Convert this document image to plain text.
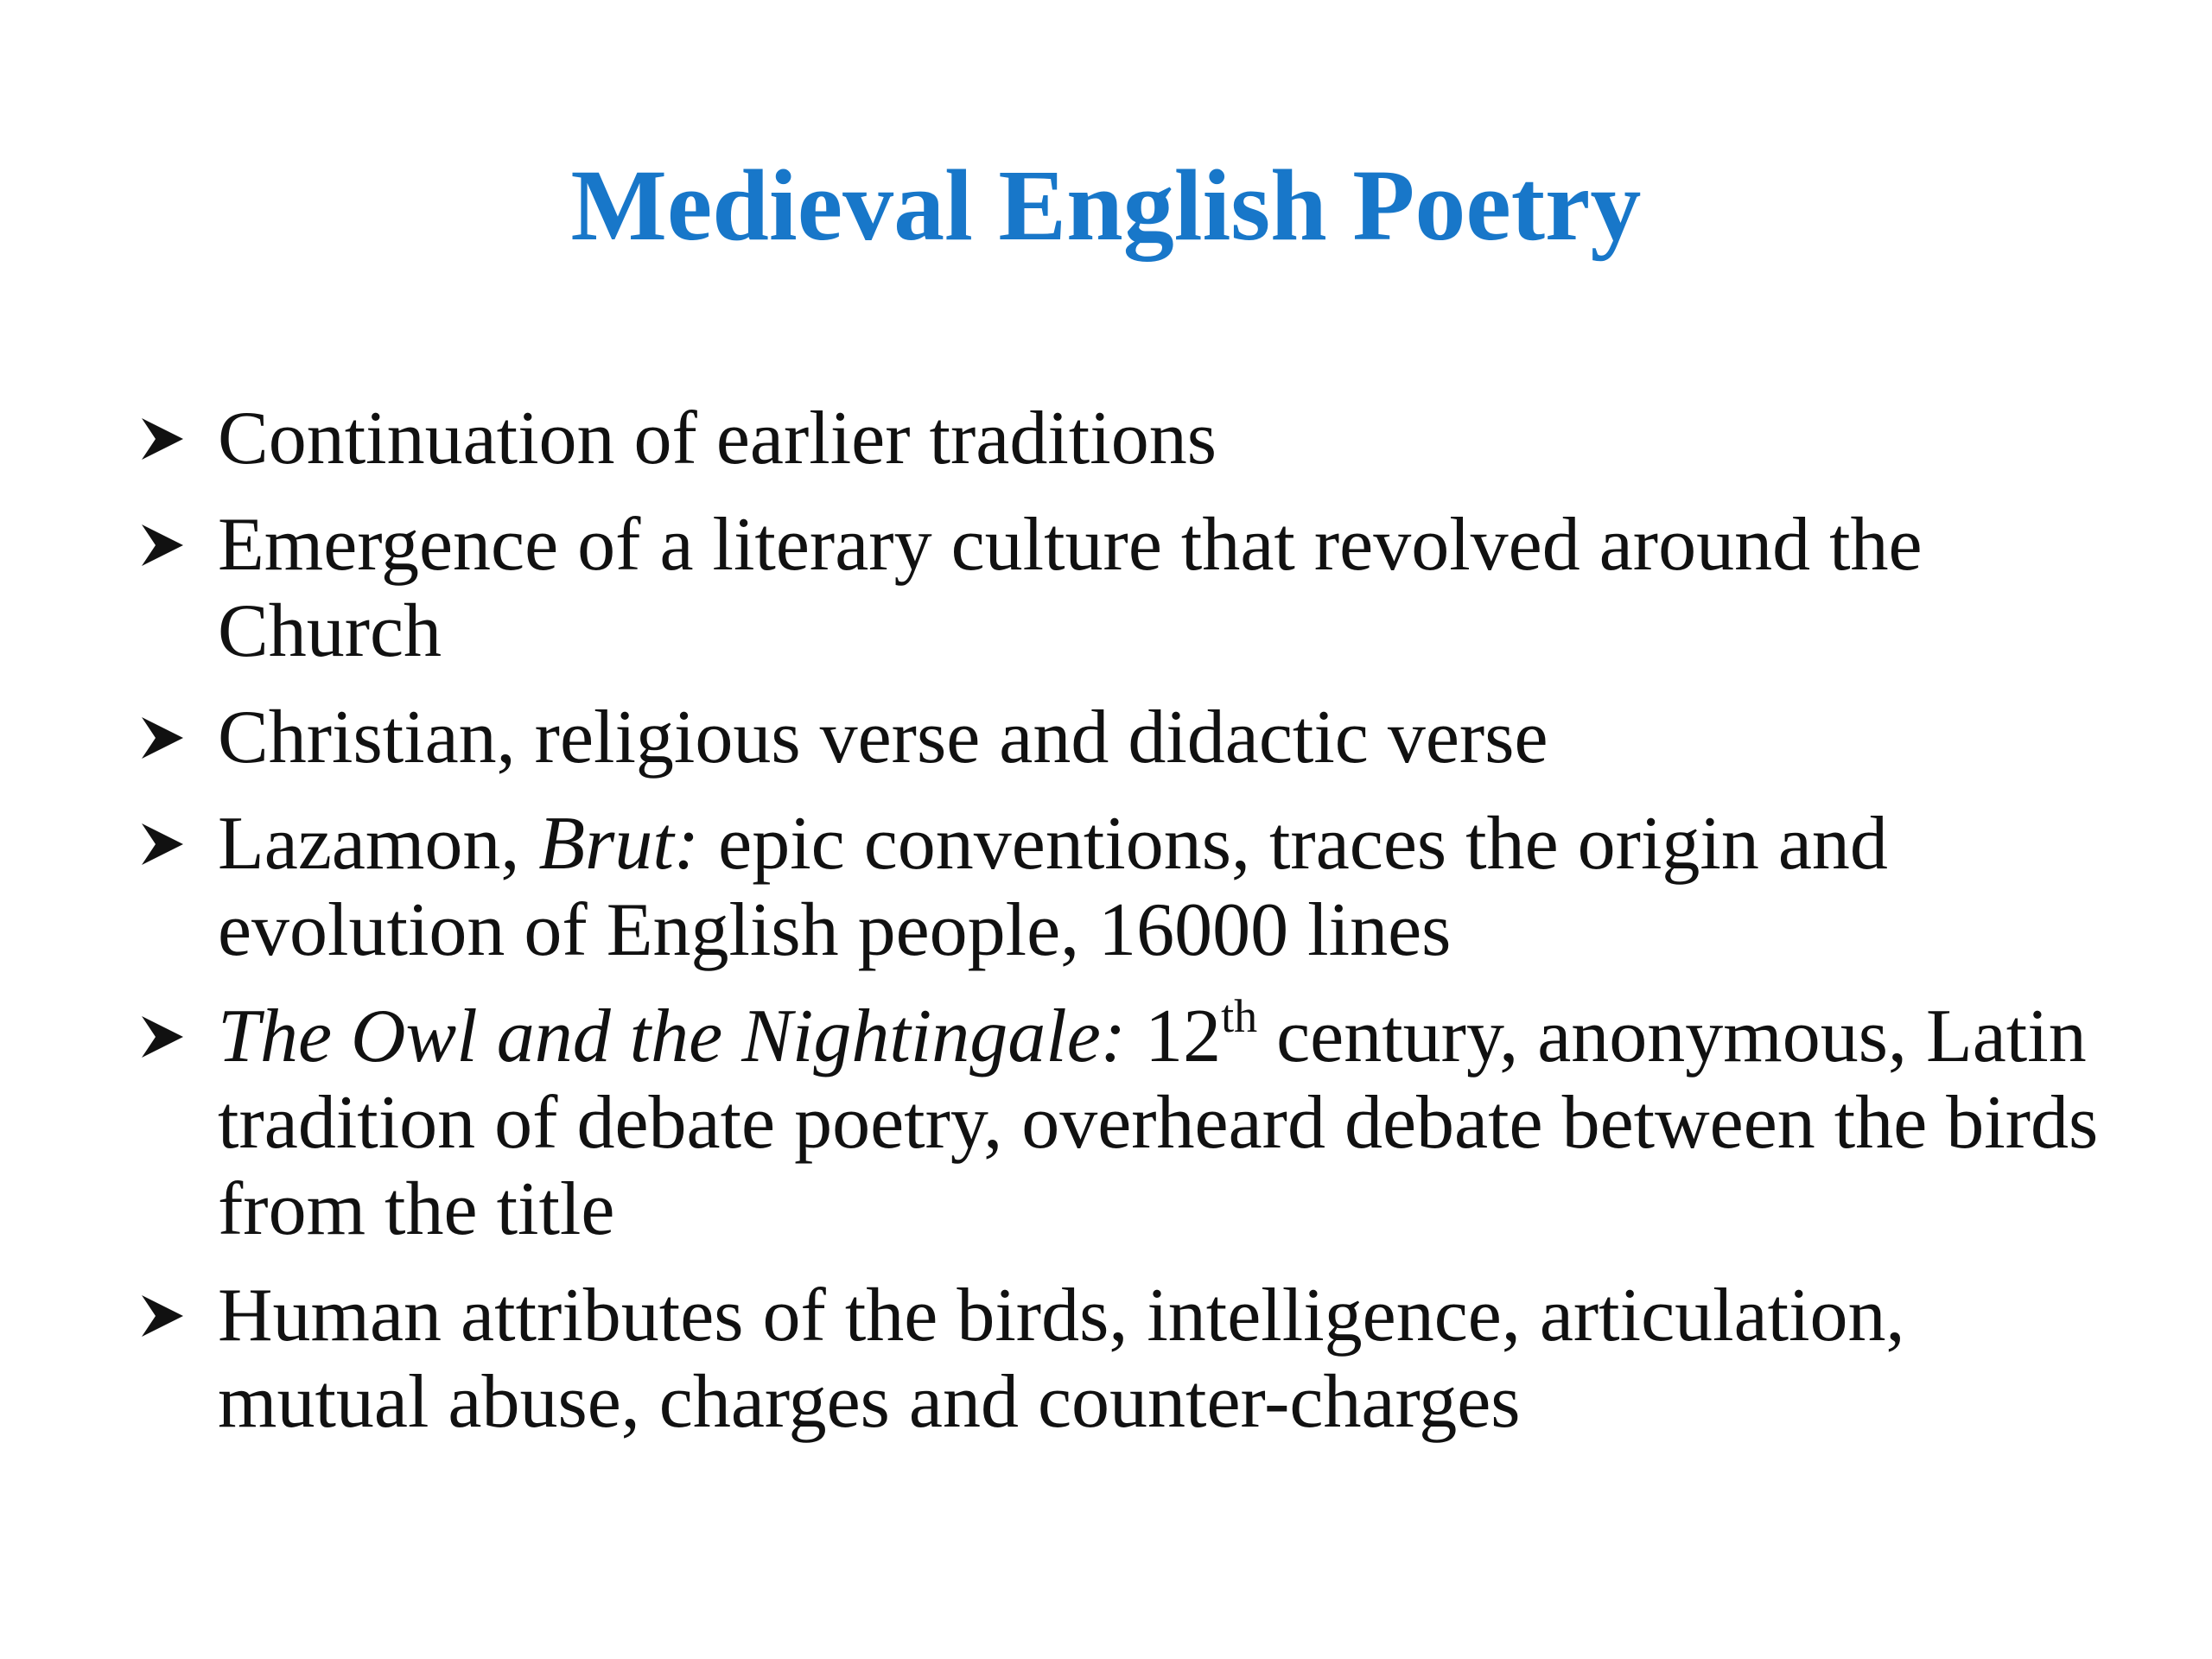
Medieval English Poetry
Continuation of earlier traditions
Emergence of a literary culture that revolved around the Church
Christian, religious verse and didactic verse
Lazamon, Brut: epic conventions, traces the origin and evolution of English people, 16000 lines
The Owl and the Nightingale: 12th century, anonymous, Latin tradition of debate poetry, overheard debate between the birds from the title
Human attributes of the birds, intelligence, articulation, mutual abuse, charges and counter-charges
